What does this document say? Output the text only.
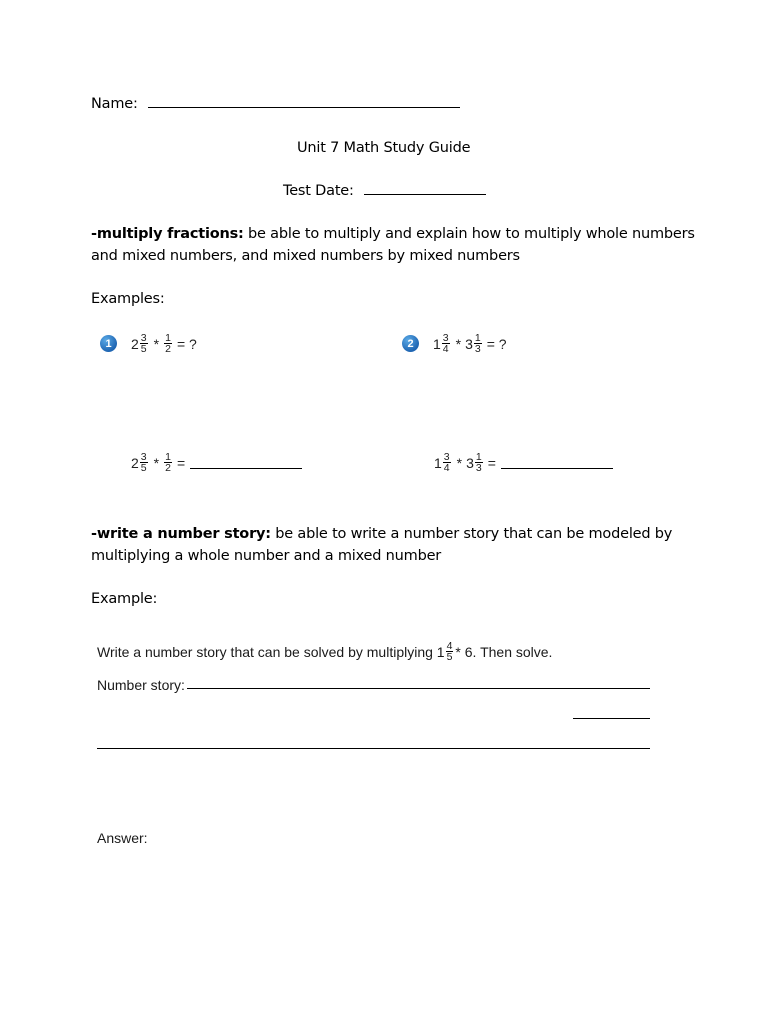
Name:
Unit 7 Math Study Guide
Test Date:
-multiply fractions: be able to multiply and explain how to multiply whole numbers
and mixed numbers, and mixed numbers by mixed numbers
Examples:
1	$2 \frac{3}{5} * \frac{1}{2}$ = ?	2	$1 \frac{3}{4} * 3 \frac{1}{3}$ = ?
$2 \frac{3}{5} * \frac{1}{2}$ =	$1 \frac{3}{4} * 3 \frac{1}{3}$ =
-write a number story: be able to write a number story that can be modeled by
multiplying a whole number and a mixed number
Example:
Write a number story that can be solved by multiplying $1 \frac{4}{5} * 6$. Then solve.
Number story:
Answer:
